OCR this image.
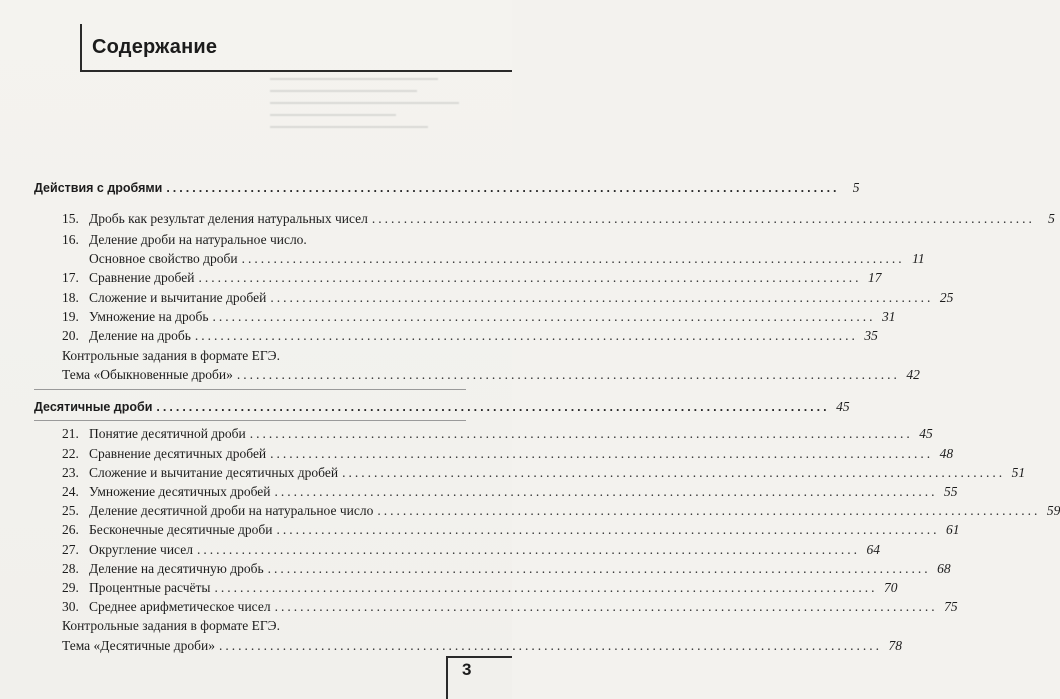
Содержание
Действия с дробями ........................................................................................................ 5
15. Дробь как результат деления натуральных чисел ........................................................................................................ 5
16. Деление дроби на натуральное число.
Основное свойство дроби ........................................................................................................ 11
17. Сравнение дробей ........................................................................................................ 17
18. Сложение и вычитание дробей ........................................................................................................ 25
19. Умножение на дробь ........................................................................................................ 31
20. Деление на дробь ........................................................................................................ 35
Контрольные задания в формате ЕГЭ.
Тема «Обыкновенные дроби» ........................................................................................................ 42
Десятичные дроби ........................................................................................................ 45
21. Понятие десятичной дроби ........................................................................................................ 45
22. Сравнение десятичных дробей ........................................................................................................ 48
23. Сложение и вычитание десятичных дробей ........................................................................................................ 51
24. Умножение десятичных дробей ........................................................................................................ 55
25. Деление десятичной дроби на натуральное число ........................................................................................................ 59
26. Бесконечные десятичные дроби ........................................................................................................ 61
27. Округление чисел ........................................................................................................ 64
28. Деление на десятичную дробь ........................................................................................................ 68
29. Процентные расчёты ........................................................................................................ 70
30. Среднее арифметическое чисел ........................................................................................................ 75
Контрольные задания в формате ЕГЭ.
Тема «Десятичные дроби» ........................................................................................................ 78
3
